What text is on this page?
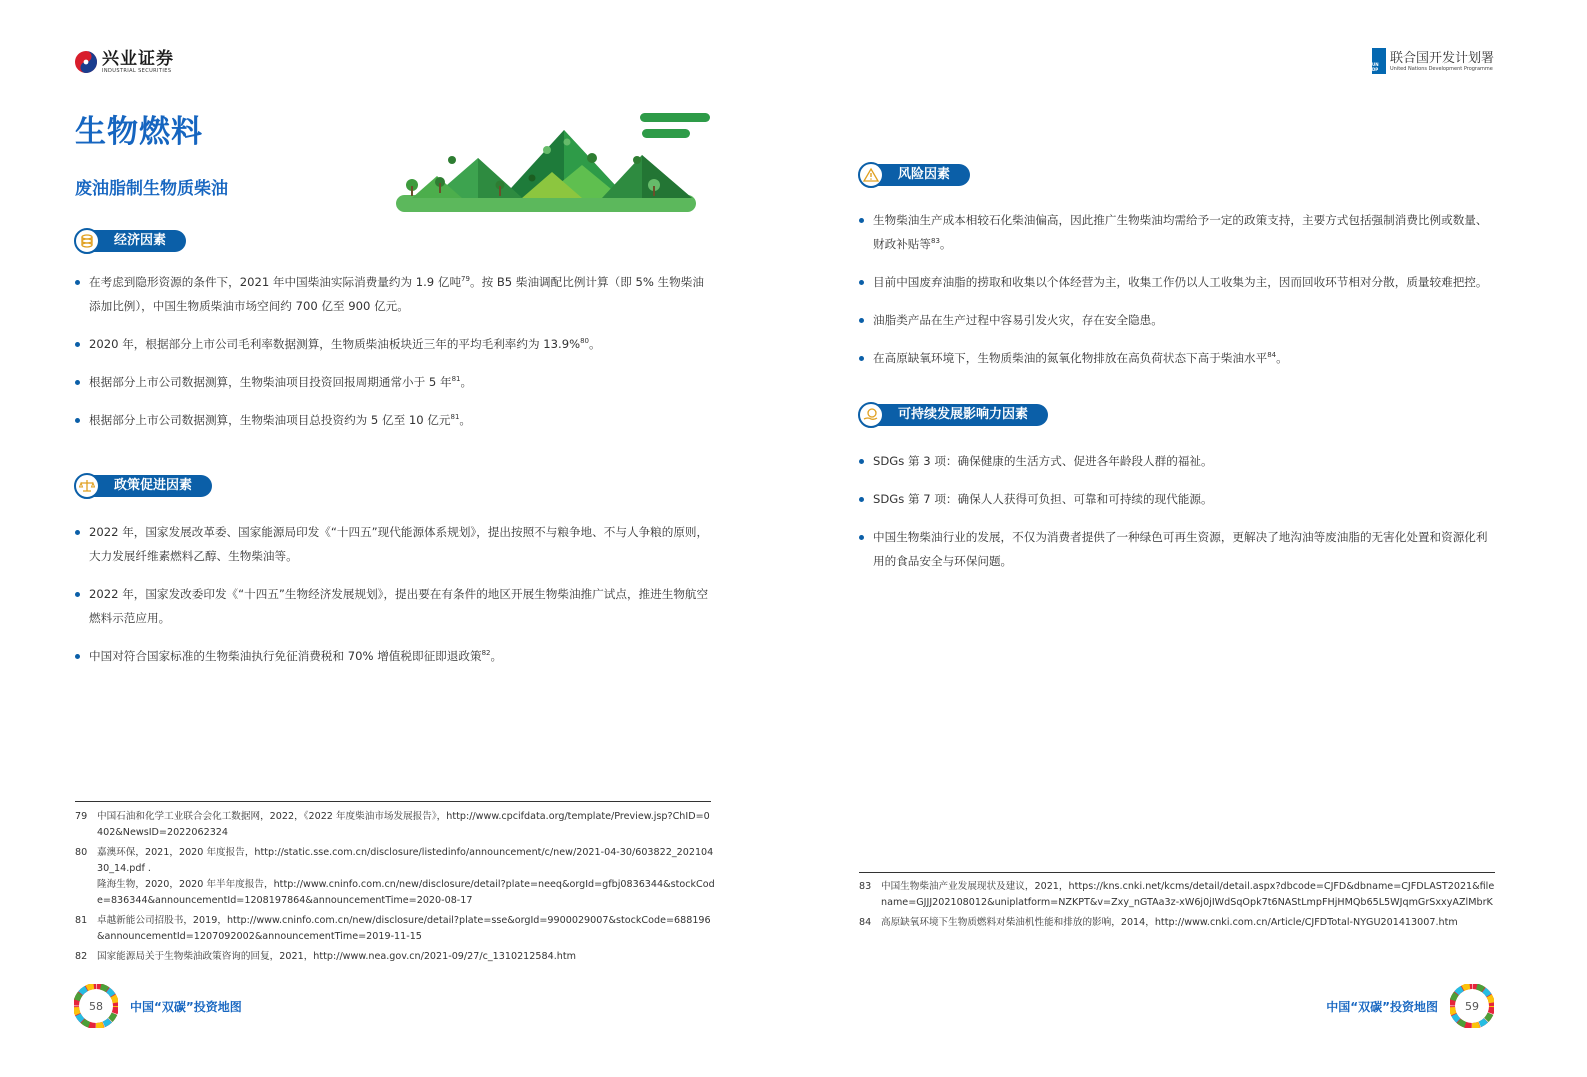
兴业证券
INDUSTRIAL SECURITIES
生物燃料
废油脂制生物质柴油
经济因素
在考虑到隐形资源的条件下，2021 年中国柴油实际消费量约为 1.9 亿吨$^{79}$。按 B5 柴油调配比例计算（即 5% 生物柴油添加比例），中国生物质柴油市场空间约 700 亿至 900 亿元。
2020 年，根据部分上市公司毛利率数据测算，生物质柴油板块近三年的平均毛利率约为 13.9%$^{80}$。
根据部分上市公司数据测算，生物柴油项目投资回报周期通常小于 5 年$^{81}$。
根据部分上市公司数据测算，生物柴油项目总投资约为 5 亿至 10 亿元$^{81}$。
政策促进因素
2022 年，国家发展改革委、国家能源局印发《“十四五”现代能源体系规划》，提出按照不与粮争地、不与人争粮的原则，大力发展纤维素燃料乙醇、生物柴油等。
2022 年，国家发改委印发《“十四五”生物经济发展规划》，提出要在有条件的地区开展生物柴油推广试点，推进生物航空燃料示范应用。
中国对符合国家标准的生物柴油执行免征消费税和 70% 增值税即征即退政策$^{82}$。
79	中国石油和化学工业联合会化工数据网，2022，《2022 年度柴油市场发展报告》，http://www.cpcifdata.org/template/Preview.jsp?ChID=0402&NewsID=2022062324
80	嘉澳环保，2021，2020 年度报告，http://static.sse.com.cn/disclosure/listedinfo/announcement/c/new/2021-04-30/603822_20210430_14.pdf .
隆海生物，2020，2020 年半年度报告，http://www.cninfo.com.cn/new/disclosure/detail?plate=neeq&orgId=gfbj0836344&stockCode=836344&announcementId=1208197864&announcementTime=2020-08-17
81	卓越新能公司招股书，2019，http://www.cninfo.com.cn/new/disclosure/detail?plate=sse&orgId=9900029007&stockCode=688196&announcementId=1207092002&announcementTime=2019-11-15
82	国家能源局关于生物柴油政策咨询的回复，2021，http://www.nea.gov.cn/2021-09/27/c_1310212584.htm
58	中国“双碳”投资地图
UN DP
联合国开发计划署
United Nations Development Programme
风险因素
生物柴油生产成本相较石化柴油偏高，因此推广生物柴油均需给予一定的政策支持，主要方式包括强制消费比例或数量、财政补贴等$^{83}$。
目前中国废弃油脂的捞取和收集以个体经营为主，收集工作仍以人工收集为主，因而回收环节相对分散，质量较难把控。
油脂类产品在生产过程中容易引发火灾，存在安全隐患。
在高原缺氧环境下，生物质柴油的氮氧化物排放在高负荷状态下高于柴油水平$^{84}$。
可持续发展影响力因素
SDGs 第 3 项：确保健康的生活方式、促进各年龄段人群的福祉。
SDGs 第 7 项：确保人人获得可负担、可靠和可持续的现代能源。
中国生物柴油行业的发展，不仅为消费者提供了一种绿色可再生资源，更解决了地沟油等废油脂的无害化处置和资源化利用的食品安全与环保问题。
83	中国生物柴油产业发展现状及建议，2021，https://kns.cnki.net/kcms/detail/detail.aspx?dbcode=CJFD&dbname=CJFDLAST2021&filename=GJJJ202108012&uniplatform=NZKPT&v=Zxy_nGTAa3z-xW6j0jIWdSqOpk7t6NAStLmpFHjHMQb65L5WJqmGrSxxyAZlMbrK
84	高原缺氧环境下生物质燃料对柴油机性能和排放的影响，2014，http://www.cnki.com.cn/Article/CJFDTotal-NYGU201413007.htm
中国“双碳”投资地图	59
